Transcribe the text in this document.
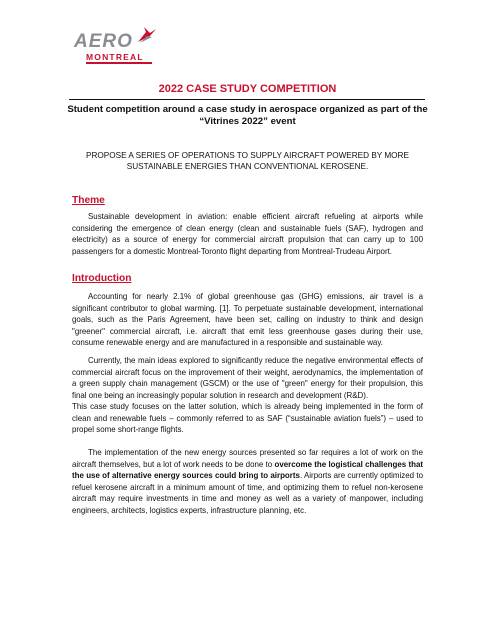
AERO
MONTREAL
2022 CASE STUDY COMPETITION
Student competition around a case study in aerospace organized as part of the “Vitrines 2022” event
PROPOSE A SERIES OF OPERATIONS TO SUPPLY AIRCRAFT POWERED BY MORE SUSTAINABLE ENERGIES THAN CONVENTIONAL KEROSENE.
Theme

Sustainable development in aviation: enable efficient aircraft refueling at airports while considering the emergence of clean energy (clean and sustainable fuels (SAF), hydrogen and electricity) as a source of energy for commercial aircraft propulsion that can carry up to 100 passengers for a domestic Montreal-Toronto flight departing from Montreal-Trudeau Airport.

Introduction

Accounting for nearly 2.1% of global greenhouse gas (GHG) emissions, air travel is a significant contributor to global warming. [1]. To perpetuate sustainable development, international goals, such as the Paris Agreement, have been set, calling on industry to think and design "greener" commercial aircraft, i.e. aircraft that emit less greenhouse gases during their use, consume renewable energy and are manufactured in a responsible and sustainable way.

Currently, the main ideas explored to significantly reduce the negative environmental effects of commercial aircraft focus on the improvement of their weight, aerodynamics, the implementation of a green supply chain management (GSCM) or the use of "green" energy for their propulsion, this final one being an increasingly popular solution in research and development (R&D).

This case study focuses on the latter solution, which is already being implemented in the form of clean and renewable fuels – commonly referred to as SAF (“sustainable aviation fuels”) – used to propel some short-range flights.

The implementation of the new energy sources presented so far requires a lot of work on the aircraft themselves, but a lot of work needs to be done to overcome the logistical challenges that the use of alternative energy sources could bring to airports. Airports are currently optimized to refuel kerosene aircraft in a minimum amount of time, and optimizing them to refuel non-kerosene aircraft may require investments in time and money as well as a variety of manpower, including engineers, architects, logistics experts, infrastructure planning, etc.
